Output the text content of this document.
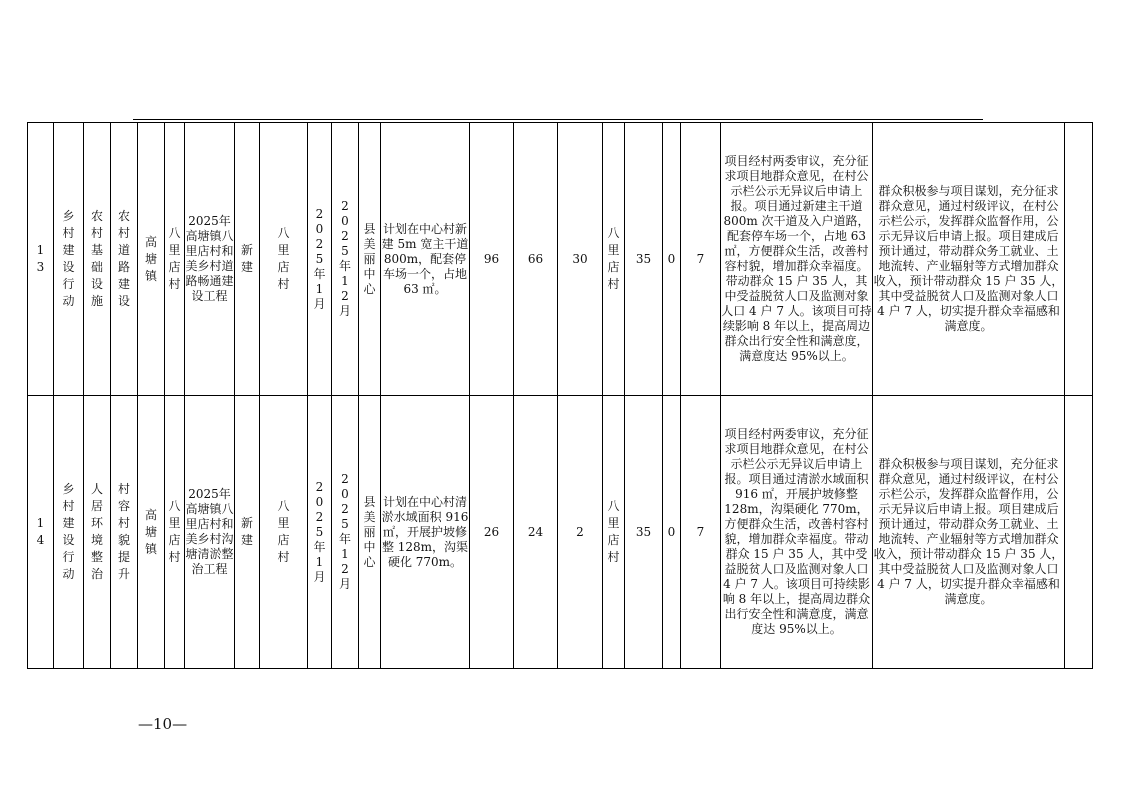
13	乡村建设行动	农村基础设施	农村道路建设	高塘镇	八里店村	2025年高塘镇八里店村和美乡村道路畅通建设工程	新建	八里店村	2025年1月	2025年12月	县美丽中心	计划在中心村新建 5m 宽主干道 800m，配套停车场一个，占地 63 ㎡。	96	66	30	八里店村	35	0	7	项目经村两委审议，充分征求项目地群众意见，在村公示栏公示无异议后申请上报。项目通过新建主干道 800m 次干道及入户道路，配套停车场一个，占地 63 ㎡，方便群众生活，改善村容村貌，增加群众幸福度。带动群众 15 户 35 人，其中受益脱贫人口及监测对象人口 4 户 7 人。该项目可持续影响 8 年以上，提高周边群众出行安全性和满意度，满意度达 95%以上。	群众积极参与项目谋划，充分征求群众意见，通过村级评议，在村公示栏公示，发挥群众监督作用，公示无异议后申请上报。项目建成后预计通过，带动群众务工就业、土地流转、产业辐射等方式增加群众收入，预计带动群众 15 户 35 人，其中受益脱贫人口及监测对象人口 4 户 7 人，切实提升群众幸福感和满意度。	
14	乡村建设行动	人居环境整治	村容村貌提升	高塘镇	八里店村	2025年高塘镇八里店村和美乡村沟塘清淤整治工程	新建	八里店村	2025年1月	2025年12月	县美丽中心	计划在中心村清淤水域面积 916 ㎡，开展护坡修整 128m，沟渠硬化 770m。	26	24	2	八里店村	35	0	7	项目经村两委审议，充分征求项目地群众意见，在村公示栏公示无异议后申请上报。项目通过清淤水域面积 916 ㎡，开展护坡修整 128m，沟渠硬化 770m，方便群众生活，改善村容村貌，增加群众幸福度。带动群众 15 户 35 人，其中受益脱贫人口及监测对象人口 4 户 7 人。该项目可持续影响 8 年以上，提高周边群众出行安全性和满意度，满意度达 95%以上。	群众积极参与项目谋划，充分征求群众意见，通过村级评议，在村公示栏公示，发挥群众监督作用，公示无异议后申请上报。项目建成后预计通过，带动群众务工就业、土地流转、产业辐射等方式增加群众收入，预计带动群众 15 户 35 人，其中受益脱贫人口及监测对象人口 4 户 7 人，切实提升群众幸福感和满意度。	
—10—
